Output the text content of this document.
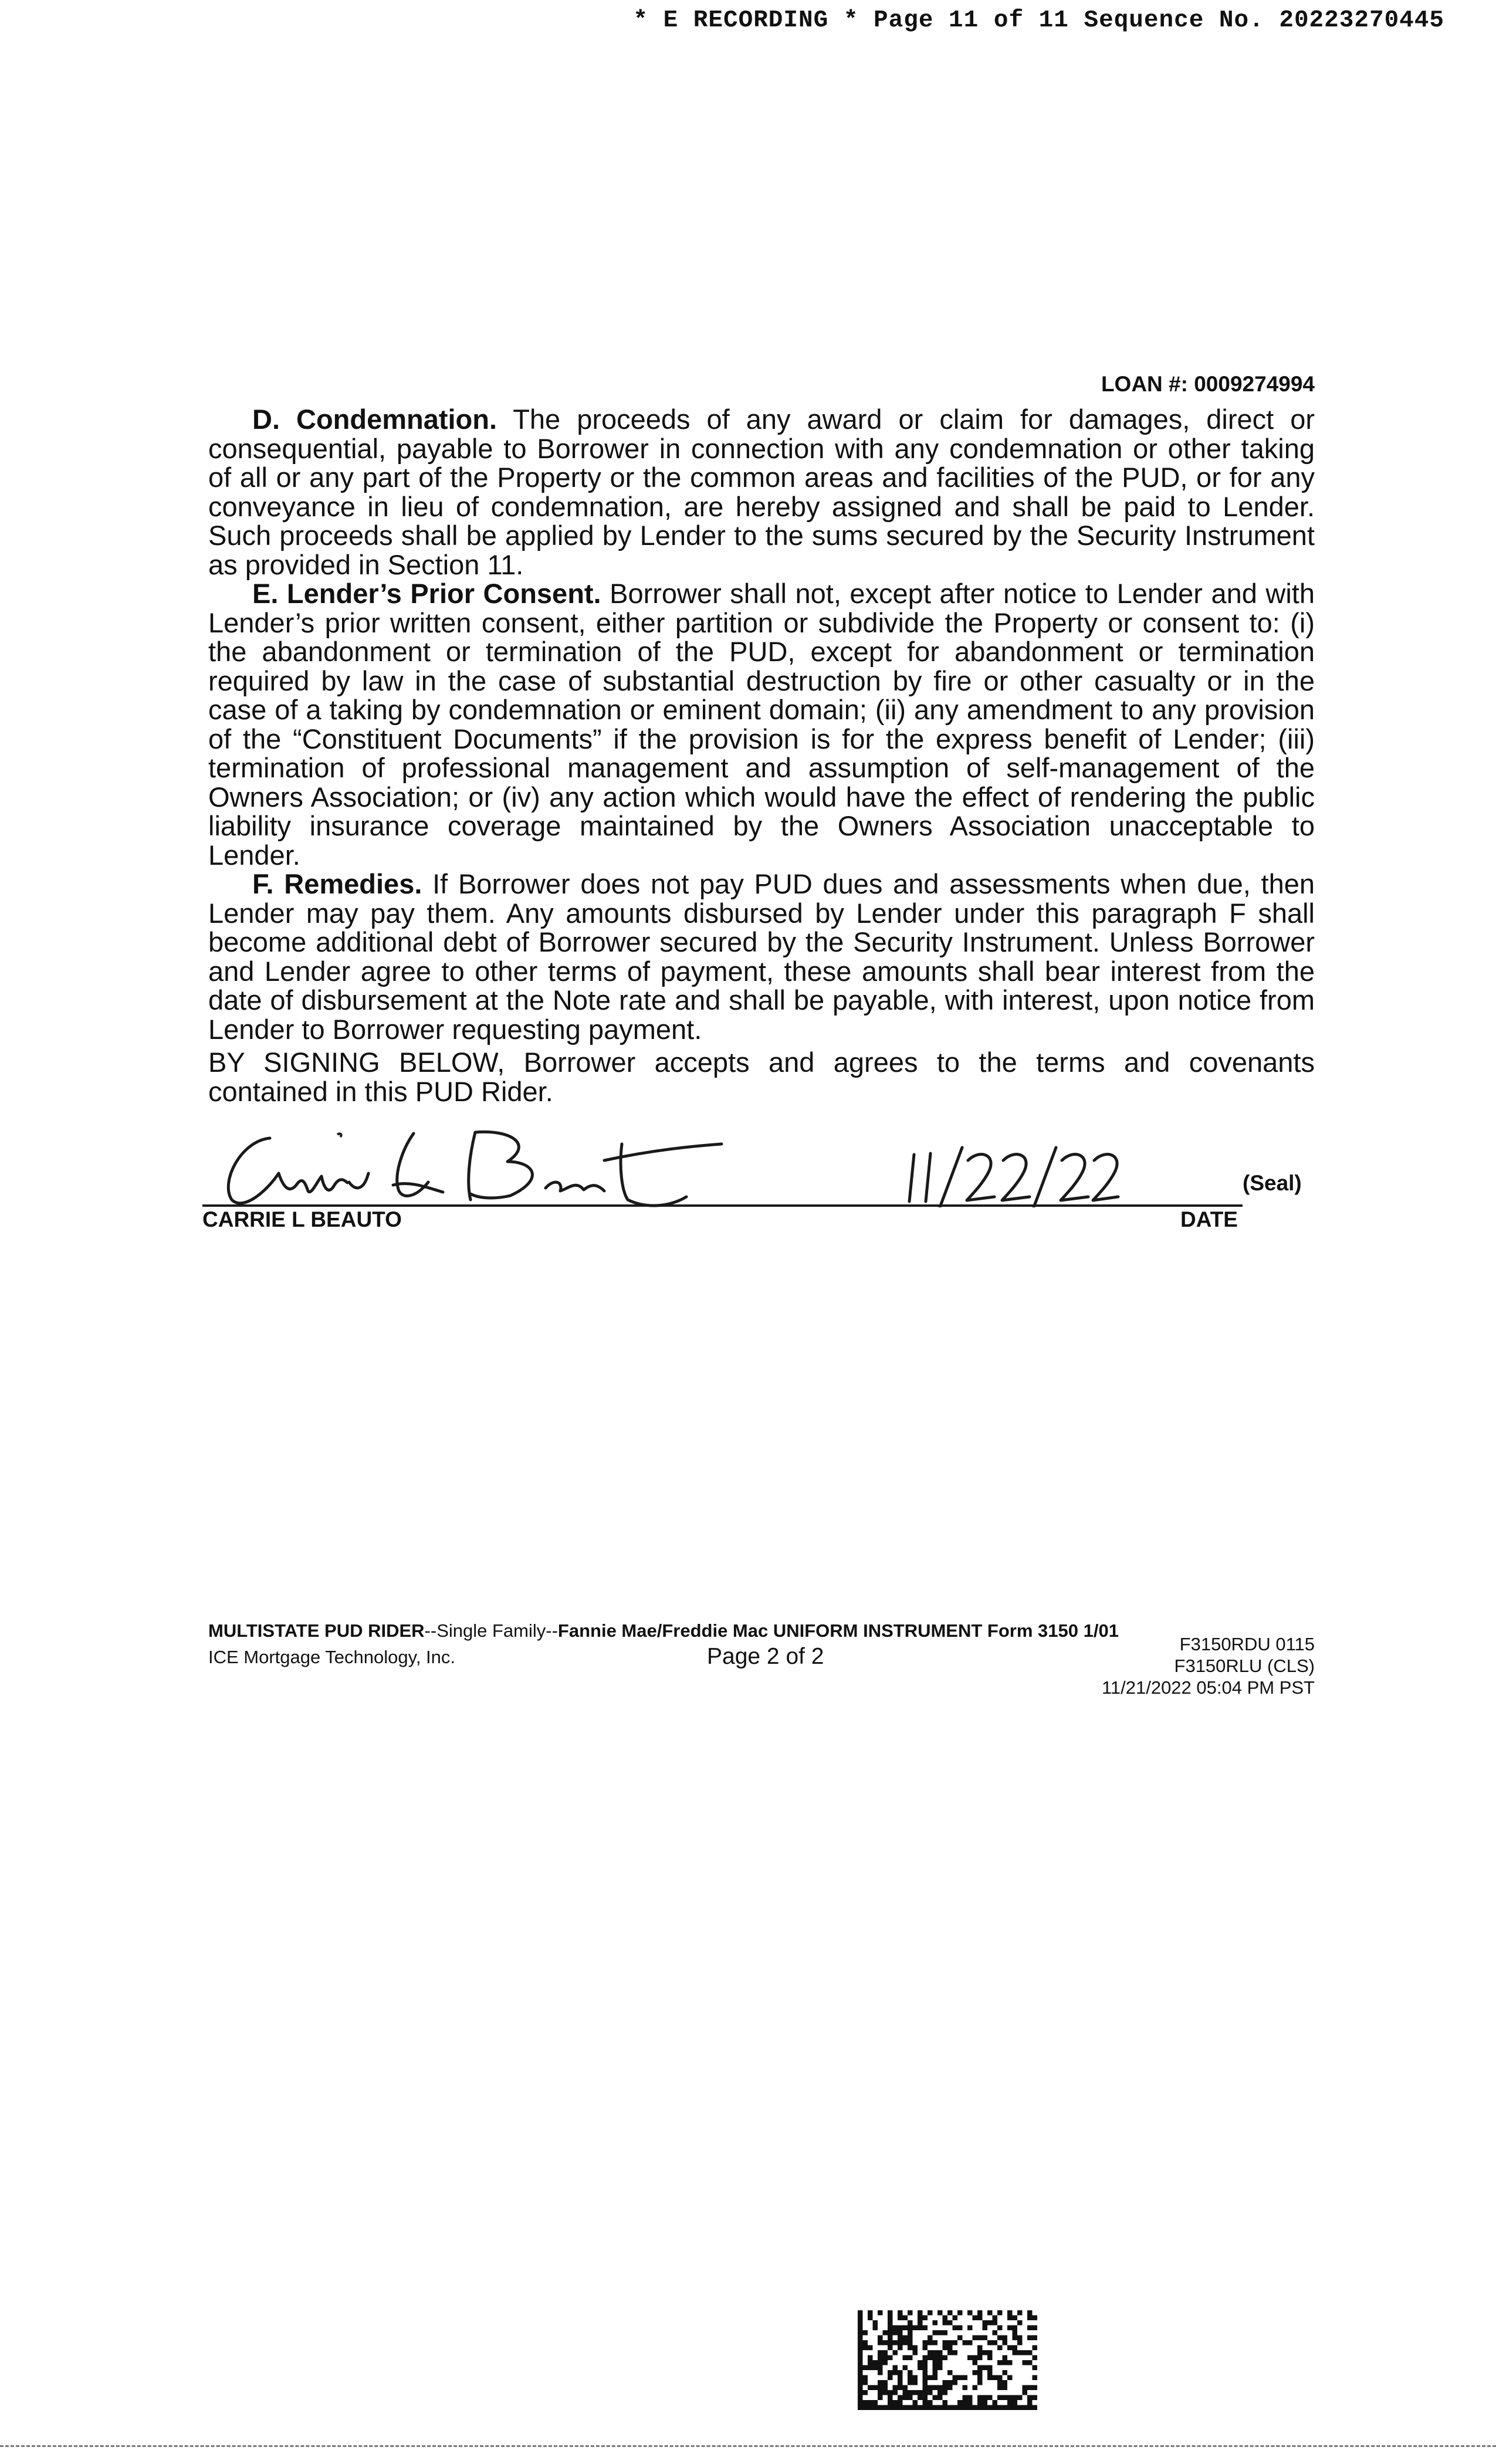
* E RECORDING * Page 11 of 11 Sequence No. 20223270445
LOAN #: 0009274994

D. Condemnation. The proceeds of any award or claim for damages, direct or consequential, payable to Borrower in connection with any condemnation or other taking of all or any part of the Property or the common areas and facilities of the PUD, or for any conveyance in lieu of condemnation, are hereby assigned and shall be paid to Lender. Such proceeds shall be applied by Lender to the sums secured by the Security Instrument as provided in Section 11.

E. Lender’s Prior Consent. Borrower shall not, except after notice to Lender and with Lender’s prior written consent, either partition or subdivide the Property or consent to: (i) the abandonment or termination of the PUD, except for abandonment or termination required by law in the case of substantial destruction by fire or other casualty or in the case of a taking by condemnation or eminent domain; (ii) any amendment to any provision of the “Constituent Documents” if the provision is for the express benefit of Lender; (iii) termination of professional management and assumption of self-management of the Owners Association; or (iv) any action which would have the effect of rendering the public liability insurance coverage maintained by the Owners Association unacceptable to Lender.

F. Remedies. If Borrower does not pay PUD dues and assessments when due, then Lender may pay them. Any amounts disbursed by Lender under this paragraph F shall become additional debt of Borrower secured by the Security Instrument. Unless Borrower and Lender agree to other terms of payment, these amounts shall bear interest from the date of disbursement at the Note rate and shall be payable, with interest, upon notice from Lender to Borrower requesting payment.

BY SIGNING BELOW, Borrower accepts and agrees to the terms and covenants contained in this PUD Rider.
(Seal)
CARRIE L BEAUTO	DATE
MULTISTATE PUD RIDER--Single Family--Fannie Mae/Freddie Mac UNIFORM INSTRUMENT Form 3150 1/01
ICE Mortgage Technology, Inc.	Page 2 of 2	F3150RDU 0115
F3150RLU (CLS)
11/21/2022 05:04 PM PST
